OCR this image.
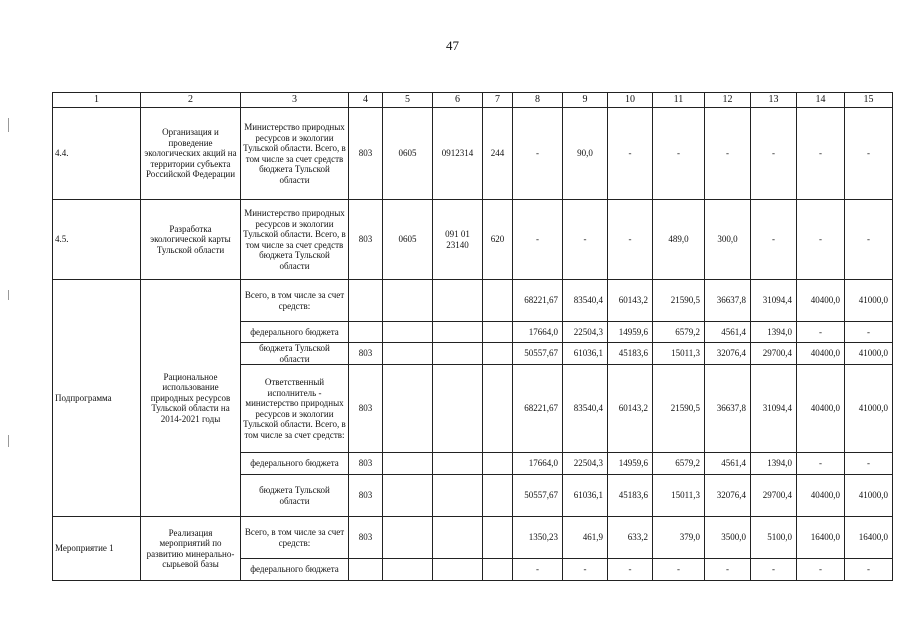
47
1	2	3	4	5	6	7	8	9	10	11	12	13	14	15
4.4.	Организация и проведение экологических акций на территории субъекта Российской Федерации	Министерство природных ресурсов и экологии Тульской области. Всего, в том числе за счет средств бюджета Тульской области	803	0605	0912314	244	-	90,0	-	-	-	-	-	-
4.5.	Разработка экологической карты Тульской области	Министерство природных ресурсов и экологии Тульской области. Всего, в том числе за счет средств бюджета Тульской области	803	0605	091 01 23140	620	-	-	-	489,0	300,0	-	-	-
Подпрограмма	Рациональное использование природных ресурсов Тульской области на 2014-2021 годы	Всего, в том числе за счет средств:					68221,67	83540,4	60143,2	21590,5	36637,8	31094,4	40400,0	41000,0
		федерального бюджета					17664,0	22504,3	14959,6	6579,2	4561,4	1394,0	-	-
		бюджета Тульской области	803				50557,67	61036,1	45183,6	15011,3	32076,4	29700,4	40400,0	41000,0
		Ответственный исполнитель - министерство природных ресурсов и экологии Тульской области. Всего, в том числе за счет средств:	803				68221,67	83540,4	60143,2	21590,5	36637,8	31094,4	40400,0	41000,0
		федерального бюджета	803				17664,0	22504,3	14959,6	6579,2	4561,4	1394,0	-	-
		бюджета Тульской области	803				50557,67	61036,1	45183,6	15011,3	32076,4	29700,4	40400,0	41000,0
Мероприятие 1	Реализация мероприятий по развитию минерально-сырьевой базы	Всего, в том числе за счет средств:	803				1350,23	461,9	633,2	379,0	3500,0	5100,0	16400,0	16400,0
		федерального бюджета					-	-	-	-	-	-	-	-
